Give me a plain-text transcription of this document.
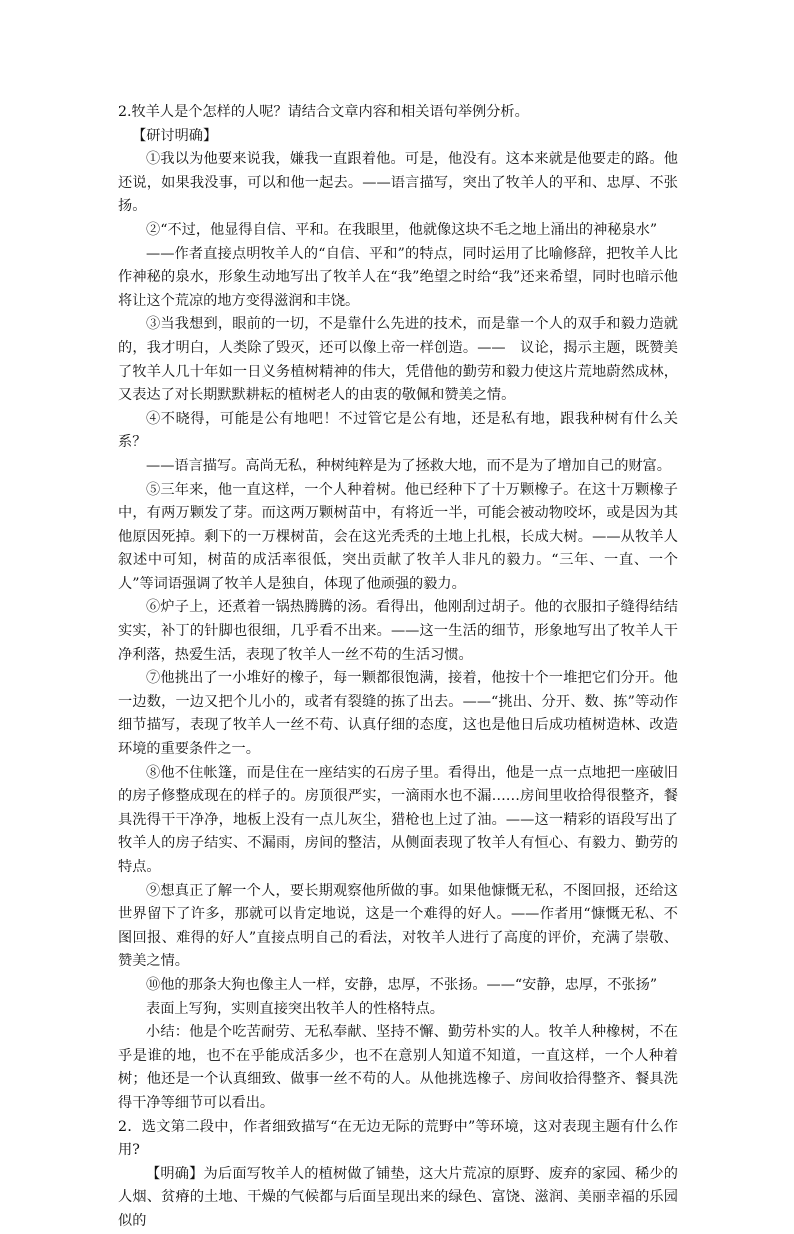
2.牧羊人是个怎样的人呢？请结合文章内容和相关语句举例分析。

【研讨明确】

①我以为他要来说我，嫌我一直跟着他。可是，他没有。这本来就是他要走的路。他还说，如果我没事，可以和他一起去。——语言描写，突出了牧羊人的平和、忠厚、不张扬。

②“不过，他显得自信、平和。在我眼里，他就像这块不毛之地上涌出的神秘泉水”

——作者直接点明牧羊人的“自信、平和”的特点，同时运用了比喻修辞，把牧羊人比作神秘的泉水，形象生动地写出了牧羊人在“我”绝望之时给“我”还来希望，同时也暗示他将让这个荒凉的地方变得滋润和丰饶。

③当我想到，眼前的一切，不是靠什么先进的技术，而是靠一个人的双手和毅力造就的，我才明白，人类除了毁灭，还可以像上帝一样创造。——　议论，揭示主题，既赞美了牧羊人几十年如一日义务植树精神的伟大，凭借他的勤劳和毅力使这片荒地蔚然成林，又表达了对长期默默耕耘的植树老人的由衷的敬佩和赞美之情。

④不晓得，可能是公有地吧！不过管它是公有地，还是私有地，跟我种树有什么关系？

——语言描写。高尚无私，种树纯粹是为了拯救大地，而不是为了增加自己的财富。

⑤三年来，他一直这样，一个人种着树。他已经种下了十万颗橡子。在这十万颗橡子中，有两万颗发了芽。而这两万颗树苗中，有将近一半，可能会被动物咬坏，或是因为其他原因死掉。剩下的一万棵树苗，会在这光秃秃的土地上扎根，长成大树。——从牧羊人叙述中可知，树苗的成活率很低，突出贡献了牧羊人非凡的毅力。“三年、一直、一个人”等词语强调了牧羊人是独自，体现了他顽强的毅力。

⑥炉子上，还煮着一锅热腾腾的汤。看得出，他刚刮过胡子。他的衣服扣子缝得结结实实，补丁的针脚也很细，几乎看不出来。——这一生活的细节，形象地写出了牧羊人干净利落，热爱生活，表现了牧羊人一丝不苟的生活习惯。

⑦他挑出了一小堆好的橡子，每一颗都很饱满，接着，他按十个一堆把它们分开。他一边数，一边又把个儿小的，或者有裂缝的拣了出去。——“挑出、分开、数、拣”等动作细节描写，表现了牧羊人一丝不苟、认真仔细的态度，这也是他日后成功植树造林、改造环境的重要条件之一。

⑧他不住帐篷，而是住在一座结实的石房子里。看得出，他是一点一点地把一座破旧的房子修整成现在的样子的。房顶很严实，一滴雨水也不漏……房间里收拾得很整齐，餐具洗得干干净净，地板上没有一点儿灰尘，猎枪也上过了油。——这一精彩的语段写出了牧羊人的房子结实、不漏雨，房间的整洁，从侧面表现了牧羊人有恒心、有毅力、勤劳的特点。

⑨想真正了解一个人，要长期观察他所做的事。如果他慷慨无私，不图回报，还给这世界留下了许多，那就可以肯定地说，这是一个难得的好人。——作者用“慷慨无私、不图回报、难得的好人”直接点明自己的看法，对牧羊人进行了高度的评价，充满了崇敬、赞美之情。

⑩他的那条大狗也像主人一样，安静，忠厚，不张扬。——“安静，忠厚，不张扬”

表面上写狗，实则直接突出牧羊人的性格特点。

小结：他是个吃苦耐劳、无私奉献、坚持不懈、勤劳朴实的人。牧羊人种橡树，不在乎是谁的地，也不在乎能成活多少，也不在意别人知道不知道，一直这样，一个人种着树；他还是一个认真细致、做事一丝不苟的人。从他挑选橡子、房间收拾得整齐、餐具洗得干净等细节可以看出。

2．选文第二段中，作者细致描写“在无边无际的荒野中”等环境，这对表现主题有什么作用?

【明确】为后面写牧羊人的植树做了铺垫，这大片荒凉的原野、废弃的家园、稀少的人烟、贫瘠的土地、干燥的气候都与后面呈现出来的绿色、富饶、滋润、美丽幸福的乐园似的
